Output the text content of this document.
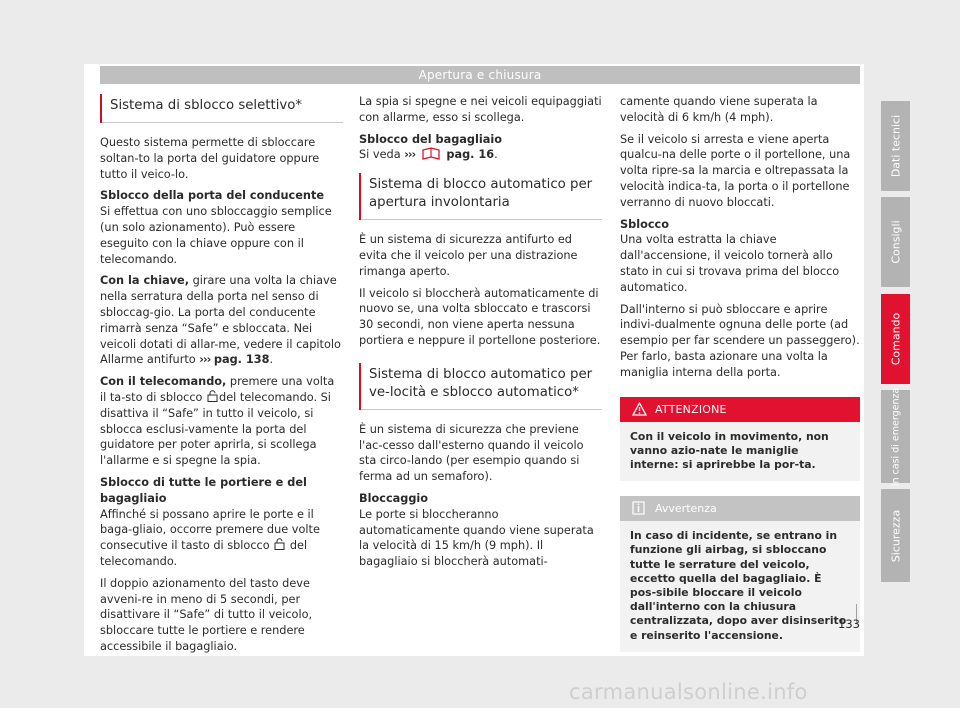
Apertura e chiusura
Sistema di sblocco selettivo*

Questo sistema permette di sbloccare soltan-to la porta del guidatore oppure tutto il veico-lo.

Sblocco della porta del conducente

Si effettua con uno sbloccaggio semplice (un solo azionamento). Può essere eseguito con la chiave oppure con il telecomando.

Con la chiave, girare una volta la chiave nella serratura della porta nel senso di sbloccag-gio. La porta del conducente rimarrà senza “Safe” e sbloccata. Nei veicoli dotati di allar-me, vedere il capitolo Allarme antifurto ››› pag. 138.

Con il telecomando, premere una volta il ta-sto di sblocco del telecomando. Si disattiva il “Safe” in tutto il veicolo, si sblocca esclusi-vamente la porta del guidatore per poter aprirla, si scollega l'allarme e si spegne la spia.

Sblocco di tutte le portiere e del bagagliaio

Affinché si possano aprire le porte e il baga-gliaio, occorre premere due volte consecutive il tasto di sblocco  del telecomando.

Il doppio azionamento del tasto deve avveni-re in meno di 5 secondi, per disattivare il “Safe” di tutto il veicolo, sbloccare tutte le portiere e rendere accessibile il bagagliaio.

La spia si spegne e nei veicoli equipaggiati con allarme, esso si scollega.

Sblocco del bagagliaio

Si veda ›››	pag. 16.

Sistema di blocco automatico per apertura involontaria

È un sistema di sicurezza antifurto ed evita che il veicolo per una distrazione rimanga aperto.

Il veicolo si bloccherà automaticamente di nuovo se, una volta sbloccato e trascorsi 30 secondi, non viene aperta nessuna portiera e neppure il portellone posteriore.

Sistema di blocco automatico per ve-locità e sblocco automatico*

È un sistema di sicurezza che previene l'ac-cesso dall'esterno quando il veicolo sta circo-lando (per esempio quando si ferma ad un semaforo).

Bloccaggio

Le porte si bloccheranno automaticamente quando viene superata la velocità di 15 km/h (9 mph). Il bagagliaio si bloccherà automati-

camente quando viene superata la velocità di 6 km/h (4 mph).

Se il veicolo si arresta e viene aperta qualcu-na delle porte o il portellone, una volta ripre-sa la marcia e oltrepassata la velocità indica-ta, la porta o il portellone verranno di nuovo bloccati.

Sblocco

Una volta estratta la chiave dall'accensione, il veicolo tornerà allo stato in cui si trovava prima del blocco automatico.

Dall'interno si può sbloccare e aprire indivi-dualmente ognuna delle porte (ad esempio per far scendere un passeggero). Per farlo, basta azionare una volta la maniglia interna della porta.

ATTENZIONE
Con il veicolo in movimento, non vanno azio-nate le maniglie interne: si aprirebbe la por-ta.
Avvertenza
In caso di incidente, se entrano in funzione gli airbag, si sbloccano tutte le serrature del veicolo, eccetto quella del bagagliaio. È pos-sibile bloccare il veicolo dall'interno con la chiusura centralizzata, dopo aver disinserito e reinserito l'accensione.
Dati tecnici
Consigli
Comando
In casi di emergenza
Sicurezza
133
carmanualsonline.info
